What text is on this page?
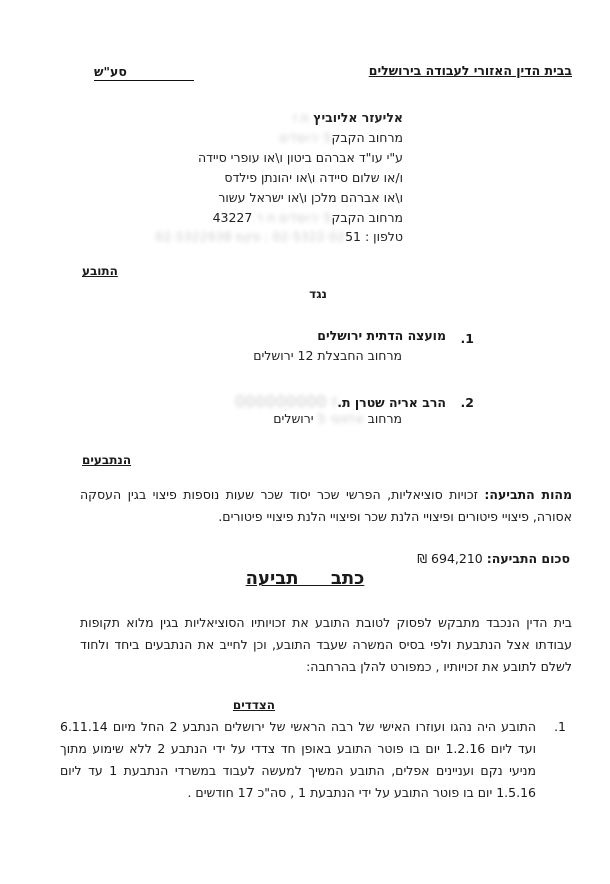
בבית הדין האזורי לעבודה בירושלים
סע"ש
אליעזר אליוביץ ת.ז
מרחוב הקבק5 ירושלים
ע"י עו"ד אברהם ביטון ו\או עופרי סיידה
ו/או שלום סיידה ו\או יהונתן פילדס
ו\או אברהם מלכן ו\או ישראל עשור
מרחוב הקבק5 ירושלים ת.ד.43227
טלפון : 5102-5322-02 ; פקס 02-5322938
התובע
נגד
1.
מועצה הדתית ירושלים
מרחוב החבצלת 12 ירושלים
2.
הרב אריה שטרן ת.ז 000000000
מרחוב אלפסי 5 ירושלים
הנתבעים
מהות התביעה: זכויות סוציאליות, הפרשי שכר יסוד שכר שעות נוספות פיצוי בגין העסקה אסורה, פיצויי פיטורים ופיצויי הלנת שכר ופיצויי הלנת פיצויי פיטורים.
סכום התביעה: 694,210 ₪
כתב תביעה
בית הדין הנכבד מתבקש לפסוק לטובת התובע את זכויותיו הסוציאליות בגין מלוא תקופות עבודתו אצל הנתבעת ולפי בסיס המשרה שעבד התובע, וכן לחייב את הנתבעים ביחד ולחוד לשלם לתובע את זכויותיו , כמפורט להלן בהרחבה:
הצדדים
1.
התובע היה נהגו ועוזרו האישי של רבה הראשי של ירושלים הנתבע 2 החל מיום 6.11.14 ועד ליום 1.2.16 יום בו פוטר התובע באופן חד צדדי על ידי הנתבע 2 ללא שימוע מתוך מניעי נקם ועניינים אפלים, התובע המשיך למעשה לעבוד במשרדי הנתבעת 1 עד ליום 1.5.16 יום בו פוטר התובע על ידי הנתבעת 1 , סה"כ 17 חודשים .
